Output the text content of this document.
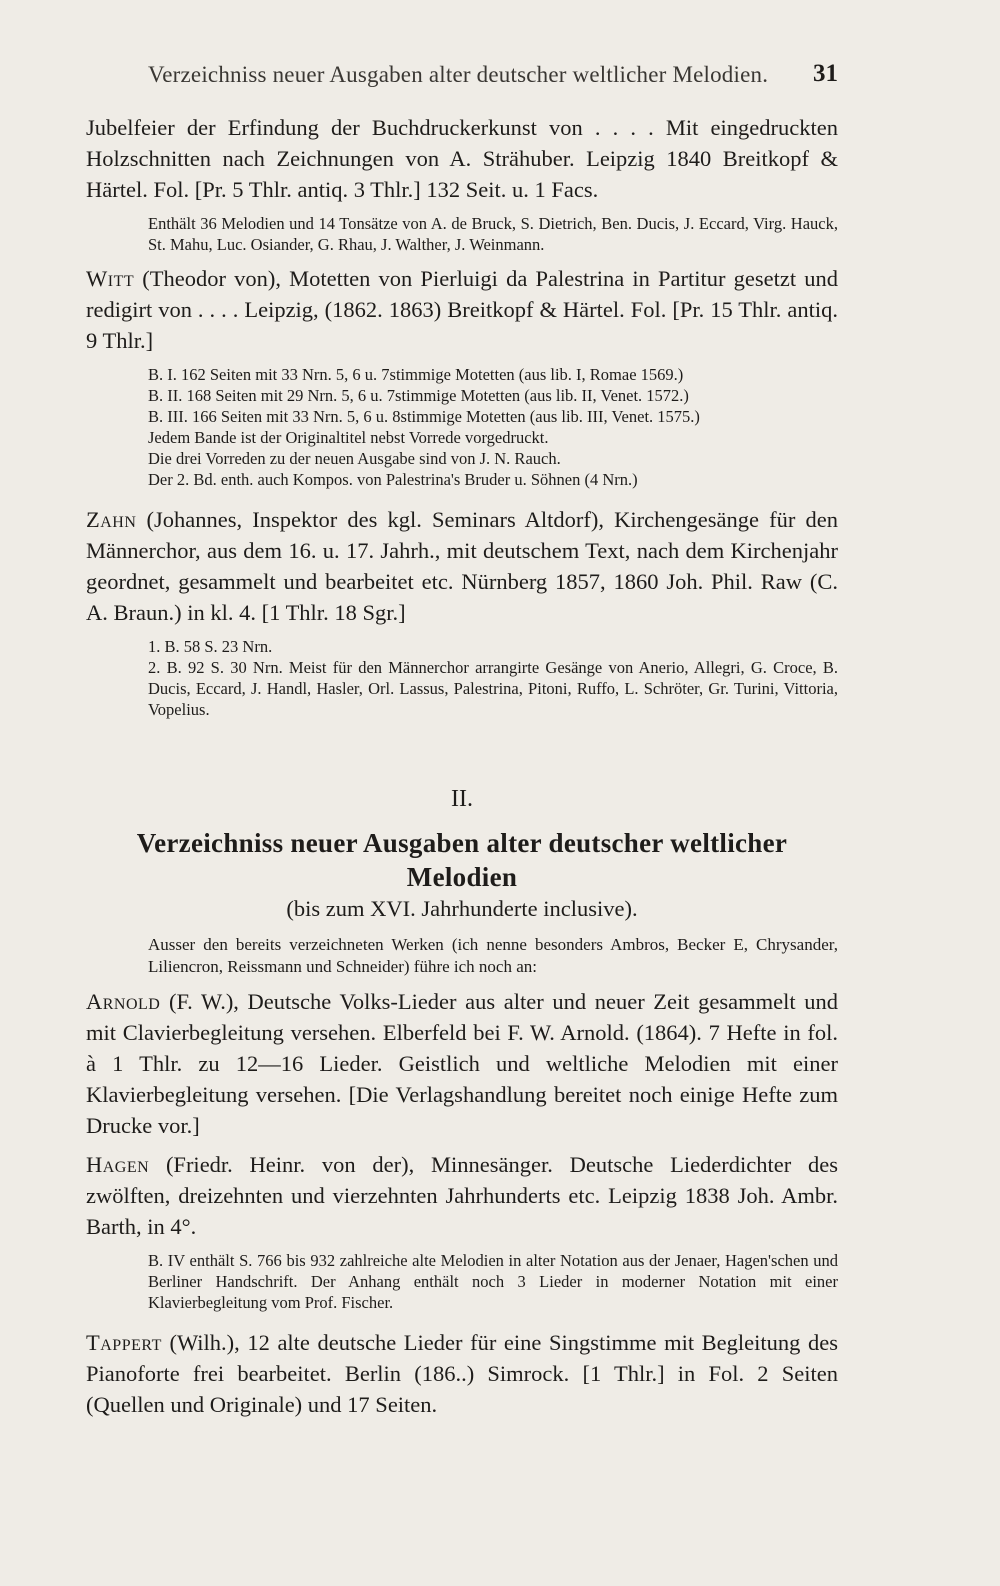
Verzeichniss neuer Ausgaben alter deutscher weltlicher Melodien. 31

Jubelfeier der Erfindung der Buchdruckerkunst von . . . . Mit eingedruckten Holzschnitten nach Zeichnungen von A. Strähuber. Leipzig 1840 Breitkopf & Härtel. Fol. [Pr. 5 Thlr. antiq. 3 Thlr.] 132 Seit. u. 1 Facs.

Enthält 36 Melodien und 14 Tonsätze von A. de Bruck, S. Dietrich, Ben. Ducis, J. Eccard, Virg. Hauck, St. Mahu, Luc. Osiander, G. Rhau, J. Walther, J. Weinmann.

Witt (Theodor von), Motetten von Pierluigi da Palestrina in Partitur gesetzt und redigirt von . . . . Leipzig, (1862. 1863) Breitkopf & Härtel. Fol. [Pr. 15 Thlr. antiq. 9 Thlr.]

B. I. 162 Seiten mit 33 Nrn. 5, 6 u. 7stimmige Motetten (aus lib. I, Romae 1569.)

B. II. 168 Seiten mit 29 Nrn. 5, 6 u. 7stimmige Motetten (aus lib. II, Venet. 1572.)

B. III. 166 Seiten mit 33 Nrn. 5, 6 u. 8stimmige Motetten (aus lib. III, Venet. 1575.)

Jedem Bande ist der Originaltitel nebst Vorrede vorgedruckt.

Die drei Vorreden zu der neuen Ausgabe sind von J. N. Rauch.

Der 2. Bd. enth. auch Kompos. von Palestrina's Bruder u. Söhnen (4 Nrn.)

Zahn (Johannes, Inspektor des kgl. Seminars Altdorf), Kirchengesänge für den Männerchor, aus dem 16. u. 17. Jahrh., mit deutschem Text, nach dem Kirchenjahr geordnet, gesammelt und bearbeitet etc. Nürnberg 1857, 1860 Joh. Phil. Raw (C. A. Braun.) in kl. 4. [1 Thlr. 18 Sgr.]

1. B. 58 S. 23 Nrn.

2. B. 92 S. 30 Nrn. Meist für den Männerchor arrangirte Gesänge von Anerio, Allegri, G. Croce, B. Ducis, Eccard, J. Handl, Hasler, Orl. Lassus, Palestrina, Pitoni, Ruffo, L. Schröter, Gr. Turini, Vittoria, Vopelius.

II.

Verzeichniss neuer Ausgaben alter deutscher weltlicher Melodien

(bis zum XVI. Jahrhunderte inclusive).

Ausser den bereits verzeichneten Werken (ich nenne besonders Ambros, Becker E, Chrysander, Liliencron, Reissmann und Schneider) führe ich noch an:

Arnold (F. W.), Deutsche Volks-Lieder aus alter und neuer Zeit gesammelt und mit Clavierbegleitung versehen. Elberfeld bei F. W. Arnold. (1864). 7 Hefte in fol. à 1 Thlr. zu 12—16 Lieder. Geistlich und weltliche Melodien mit einer Klavierbegleitung versehen. [Die Verlagshandlung bereitet noch einige Hefte zum Drucke vor.]

Hagen (Friedr. Heinr. von der), Minnesänger. Deutsche Liederdichter des zwölften, dreizehnten und vierzehnten Jahrhunderts etc. Leipzig 1838 Joh. Ambr. Barth, in 4°.

B. IV enthält S. 766 bis 932 zahlreiche alte Melodien in alter Notation aus der Jenaer, Hagen'schen und Berliner Handschrift. Der Anhang enthält noch 3 Lieder in moderner Notation mit einer Klavierbegleitung vom Prof. Fischer.

Tappert (Wilh.), 12 alte deutsche Lieder für eine Singstimme mit Begleitung des Pianoforte frei bearbeitet. Berlin (186..) Simrock. [1 Thlr.] in Fol. 2 Seiten (Quellen und Originale) und 17 Seiten.
